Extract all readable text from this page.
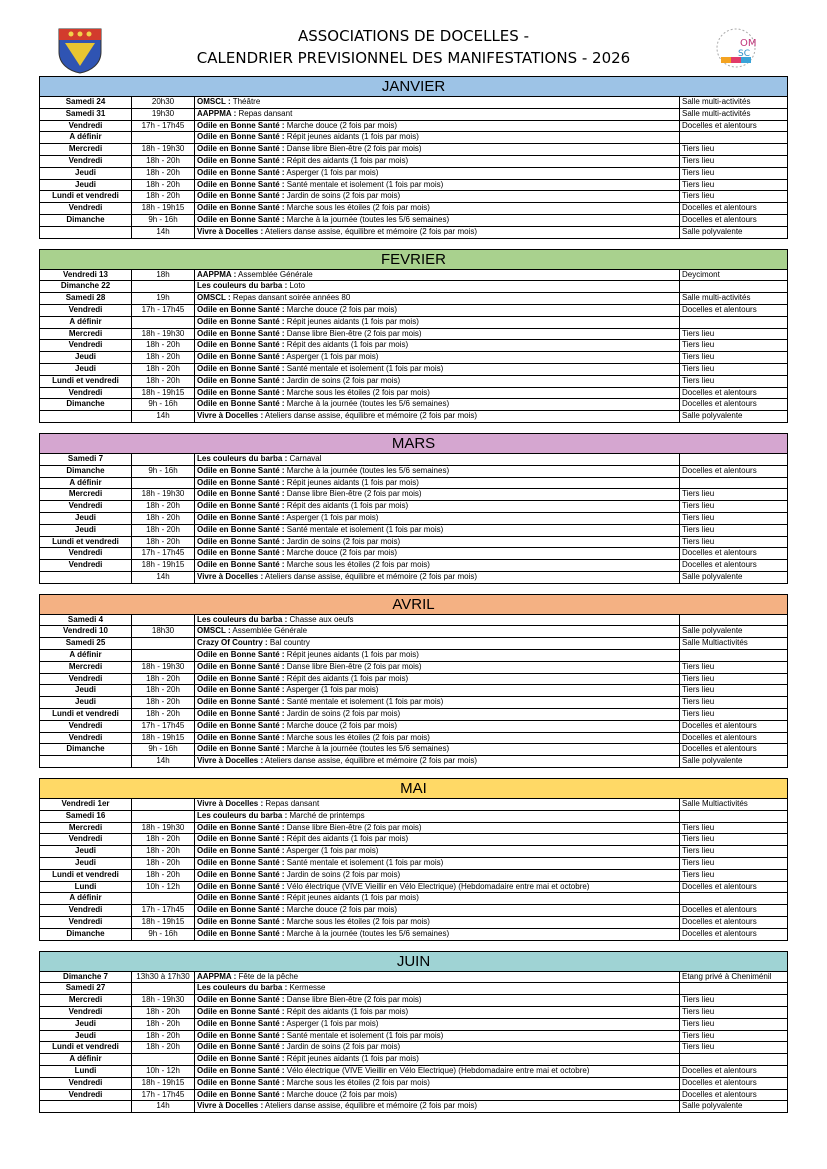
ASSOCIATIONS DE DOCELLES -
CALENDRIER PREVISIONNEL DES MANIFESTATIONS - 2026
OM
SC
JANVIER
Samedi 24	20h30	OMSCL : Théâtre	Salle multi-activités
Samedi 31	19h30	AAPPMA : Repas dansant	Salle multi-activités
Vendredi	17h - 17h45	Odile en Bonne Santé : Marche douce (2 fois par mois)	Docelles et alentours
A définir		Odile en Bonne Santé : Répit jeunes aidants (1 fois par mois)	
Mercredi	18h - 19h30	Odile en Bonne Santé : Danse libre Bien-être (2 fois par mois)	Tiers lieu
Vendredi	18h - 20h	Odile en Bonne Santé : Répit des aidants (1 fois par mois)	Tiers lieu
Jeudi	18h - 20h	Odile en Bonne Santé : Asperger (1 fois par mois)	Tiers lieu
Jeudi	18h - 20h	Odile en Bonne Santé : Santé mentale et isolement (1 fois par mois)	Tiers lieu
Lundi et vendredi	18h - 20h	Odile en Bonne Santé : Jardin de soins (2 fois par mois)	Tiers lieu
Vendredi	18h - 19h15	Odile en Bonne Santé : Marche sous les étoiles (2 fois par mois)	Docelles et alentours
Dimanche	9h - 16h	Odile en Bonne Santé : Marche à la journée (toutes les 5/6 semaines)	Docelles et alentours
	14h	Vivre à Docelles : Ateliers danse assise, équilibre et mémoire (2 fois par mois)	Salle polyvalente
FEVRIER
Vendredi 13	18h	AAPPMA : Assemblée Générale	Deycimont
Dimanche 22		Les couleurs du barba : Loto	
Samedi 28	19h	OMSCL : Repas dansant soirée années 80	Salle multi-activités
Vendredi	17h - 17h45	Odile en Bonne Santé : Marche douce (2 fois par mois)	Docelles et alentours
A définir		Odile en Bonne Santé : Répit jeunes aidants (1 fois par mois)	
Mercredi	18h - 19h30	Odile en Bonne Santé : Danse libre Bien-être (2 fois par mois)	Tiers lieu
Vendredi	18h - 20h	Odile en Bonne Santé : Répit des aidants (1 fois par mois)	Tiers lieu
Jeudi	18h - 20h	Odile en Bonne Santé : Asperger (1 fois par mois)	Tiers lieu
Jeudi	18h - 20h	Odile en Bonne Santé : Santé mentale et isolement (1 fois par mois)	Tiers lieu
Lundi et vendredi	18h - 20h	Odile en Bonne Santé : Jardin de soins (2 fois par mois)	Tiers lieu
Vendredi	18h - 19h15	Odile en Bonne Santé : Marche sous les étoiles (2 fois par mois)	Docelles et alentours
Dimanche	9h - 16h	Odile en Bonne Santé : Marche à la journée (toutes les 5/6 semaines)	Docelles et alentours
	14h	Vivre à Docelles : Ateliers danse assise, équilibre et mémoire (2 fois par mois)	Salle polyvalente
MARS
Samedi 7		Les couleurs du barba : Carnaval	
Dimanche	9h - 16h	Odile en Bonne Santé : Marche à la journée (toutes les 5/6 semaines)	Docelles et alentours
A définir		Odile en Bonne Santé : Répit jeunes aidants (1 fois par mois)	
Mercredi	18h - 19h30	Odile en Bonne Santé : Danse libre Bien-être (2 fois par mois)	Tiers lieu
Vendredi	18h - 20h	Odile en Bonne Santé : Répit des aidants (1 fois par mois)	Tiers lieu
Jeudi	18h - 20h	Odile en Bonne Santé : Asperger (1 fois par mois)	Tiers lieu
Jeudi	18h - 20h	Odile en Bonne Santé : Santé mentale et isolement (1 fois par mois)	Tiers lieu
Lundi et vendredi	18h - 20h	Odile en Bonne Santé : Jardin de soins (2 fois par mois)	Tiers lieu
Vendredi	17h - 17h45	Odile en Bonne Santé : Marche douce (2 fois par mois)	Docelles et alentours
Vendredi	18h - 19h15	Odile en Bonne Santé : Marche sous les étoiles (2 fois par mois)	Docelles et alentours
	14h	Vivre à Docelles : Ateliers danse assise, équilibre et mémoire (2 fois par mois)	Salle polyvalente
AVRIL
Samedi 4		Les couleurs du barba : Chasse aux oeufs	
Vendredi 10	18h30	OMSCL : Assemblée Générale	Salle polyvalente
Samedi 25		Crazy Of Country : Bal country	Salle Multiactivités
A définir		Odile en Bonne Santé : Répit jeunes aidants (1 fois par mois)	
Mercredi	18h - 19h30	Odile en Bonne Santé : Danse libre Bien-être (2 fois par mois)	Tiers lieu
Vendredi	18h - 20h	Odile en Bonne Santé : Répit des aidants (1 fois par mois)	Tiers lieu
Jeudi	18h - 20h	Odile en Bonne Santé : Asperger (1 fois par mois)	Tiers lieu
Jeudi	18h - 20h	Odile en Bonne Santé : Santé mentale et isolement (1 fois par mois)	Tiers lieu
Lundi et vendredi	18h - 20h	Odile en Bonne Santé : Jardin de soins (2 fois par mois)	Tiers lieu
Vendredi	17h - 17h45	Odile en Bonne Santé : Marche douce (2 fois par mois)	Docelles et alentours
Vendredi	18h - 19h15	Odile en Bonne Santé : Marche sous les étoiles (2 fois par mois)	Docelles et alentours
Dimanche	9h - 16h	Odile en Bonne Santé : Marche à la journée (toutes les 5/6 semaines)	Docelles et alentours
	14h	Vivre à Docelles : Ateliers danse assise, équilibre et mémoire (2 fois par mois)	Salle polyvalente
MAI
Vendredi 1er		Vivre à Docelles : Repas dansant	Salle Multiactivités
Samedi 16		Les couleurs du barba : Marché de printemps	
Mercredi	18h - 19h30	Odile en Bonne Santé : Danse libre Bien-être (2 fois par mois)	Tiers lieu
Vendredi	18h - 20h	Odile en Bonne Santé : Répit des aidants (1 fois par mois)	Tiers lieu
Jeudi	18h - 20h	Odile en Bonne Santé : Asperger (1 fois par mois)	Tiers lieu
Jeudi	18h - 20h	Odile en Bonne Santé : Santé mentale et isolement (1 fois par mois)	Tiers lieu
Lundi et vendredi	18h - 20h	Odile en Bonne Santé : Jardin de soins (2 fois par mois)	Tiers lieu
Lundi	10h - 12h	Odile en Bonne Santé : Vélo électrique (VIVE Vieillir en Vélo Electrique) (Hebdomadaire entre mai et octobre)	Docelles et alentours
A définir		Odile en Bonne Santé : Répit jeunes aidants (1 fois par mois)	
Vendredi	17h - 17h45	Odile en Bonne Santé : Marche douce (2 fois par mois)	Docelles et alentours
Vendredi	18h - 19h15	Odile en Bonne Santé : Marche sous les étoiles (2 fois par mois)	Docelles et alentours
Dimanche	9h - 16h	Odile en Bonne Santé : Marche à la journée (toutes les 5/6 semaines)	Docelles et alentours
JUIN
Dimanche 7	13h30 à 17h30	AAPPMA : Fête de la pêche	Etang privé à Cheniménil
Samedi 27		Les couleurs du barba : Kermesse	
Mercredi	18h - 19h30	Odile en Bonne Santé : Danse libre Bien-être (2 fois par mois)	Tiers lieu
Vendredi	18h - 20h	Odile en Bonne Santé : Répit des aidants (1 fois par mois)	Tiers lieu
Jeudi	18h - 20h	Odile en Bonne Santé : Asperger (1 fois par mois)	Tiers lieu
Jeudi	18h - 20h	Odile en Bonne Santé : Santé mentale et isolement (1 fois par mois)	Tiers lieu
Lundi et vendredi	18h - 20h	Odile en Bonne Santé : Jardin de soins (2 fois par mois)	Tiers lieu
A définir		Odile en Bonne Santé : Répit jeunes aidants (1 fois par mois)	
Lundi	10h - 12h	Odile en Bonne Santé : Vélo électrique (VIVE Vieillir en Vélo Electrique) (Hebdomadaire entre mai et octobre)	Docelles et alentours
Vendredi	18h - 19h15	Odile en Bonne Santé : Marche sous les étoiles (2 fois par mois)	Docelles et alentours
Vendredi	17h - 17h45	Odile en Bonne Santé : Marche douce (2 fois par mois)	Docelles et alentours
	14h	Vivre à Docelles : Ateliers danse assise, équilibre et mémoire (2 fois par mois)	Salle polyvalente
